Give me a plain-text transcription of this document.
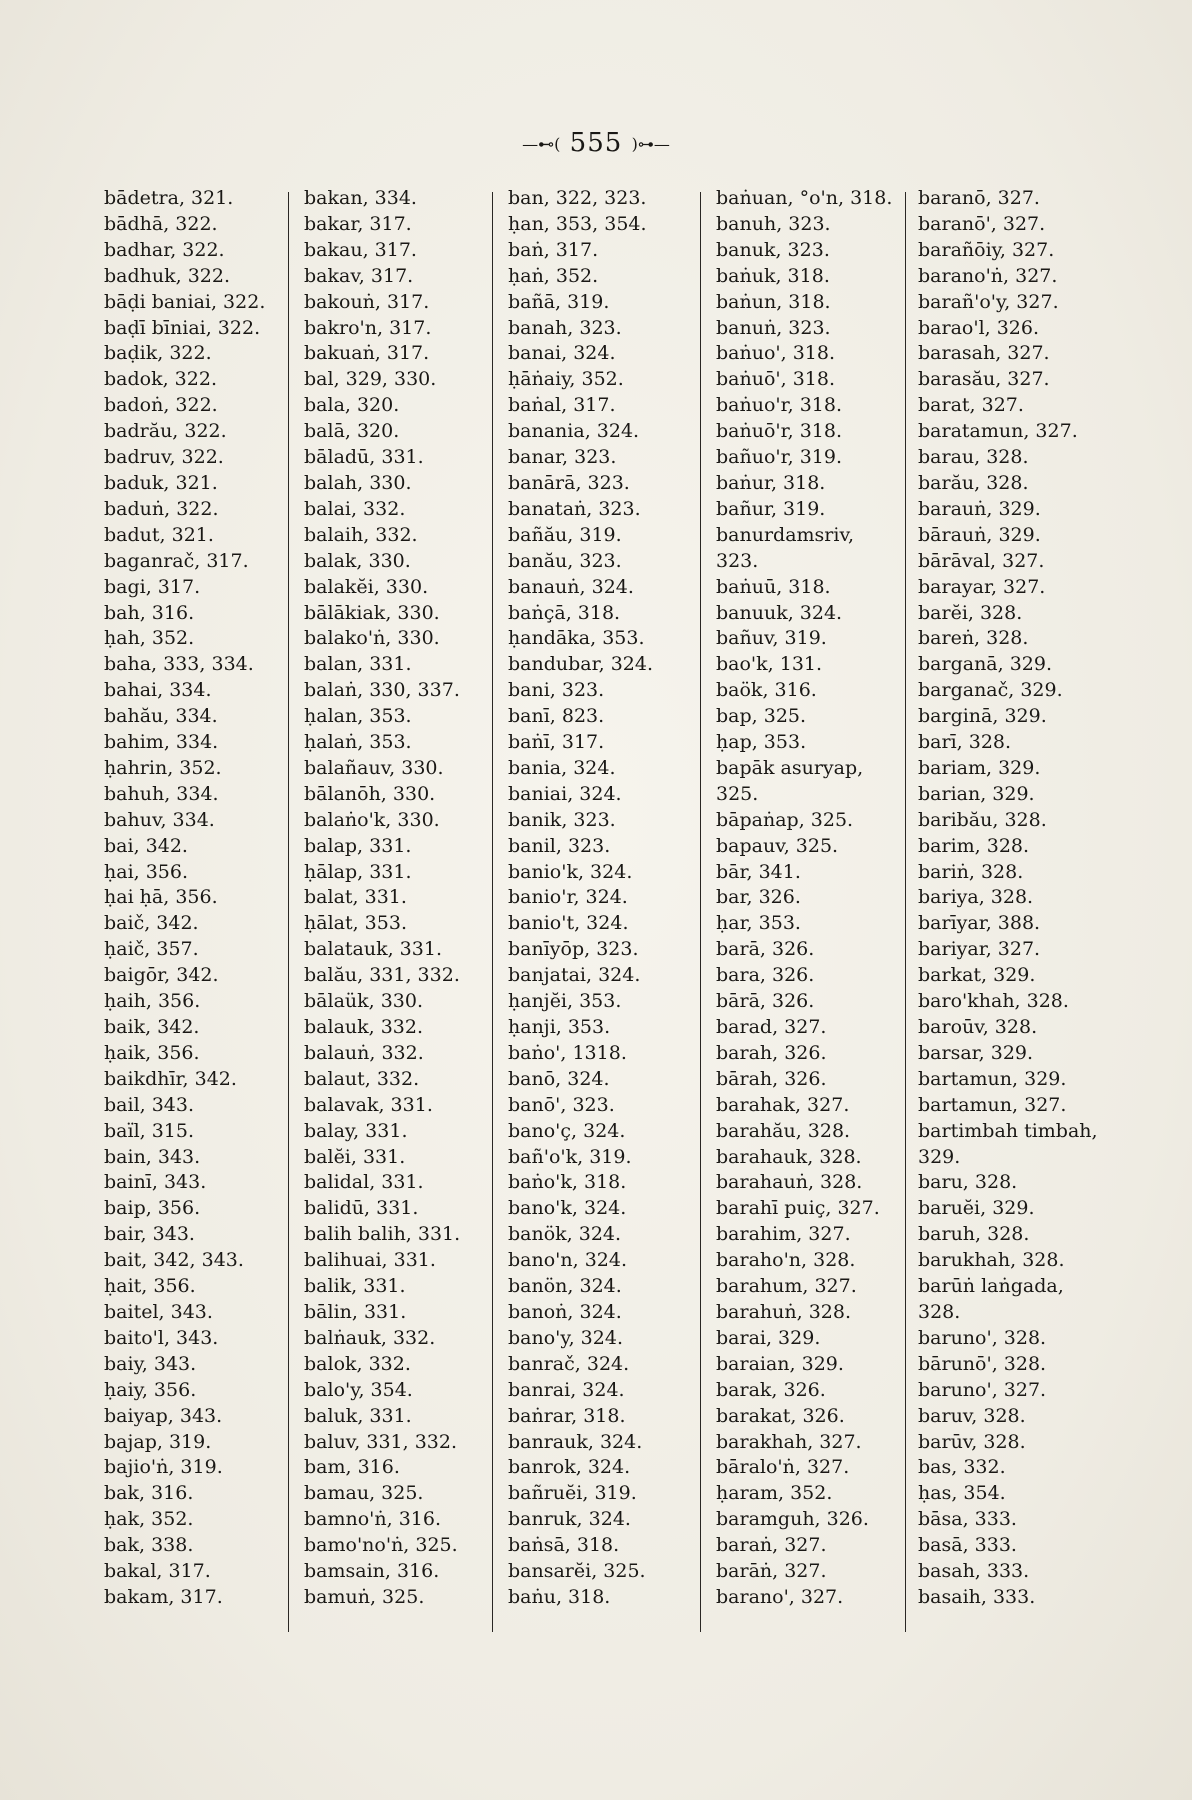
—⊷( 555 )⊶—
bādetra, 321.
bādhā, 322.
badhar, 322.
badhuk, 322.
bāḍi baniai, 322.
baḍī bīniai, 322.
baḍik, 322.
badok, 322.
badoṅ, 322.
badrău, 322.
badruv, 322.
baduk, 321.
baduṅ, 322.
badut, 321.
baganrač, 317.
bagi, 317.
bah, 316.
ḥah, 352.
baha, 333, 334.
bahai, 334.
bahău, 334.
bahim, 334.
ḥahrin, 352.
bahuh, 334.
bahuv, 334.
bai, 342.
ḥai, 356.
ḥai ḥā, 356.
baič, 342.
ḥaič, 357.
baigōr, 342.
ḥaih, 356.
baik, 342.
ḥaik, 356.
baikdhīr, 342.
bail, 343.
baïl, 315.
bain, 343.
bainī, 343.
baip, 356.
bair, 343.
bait, 342, 343.
ḥait, 356.
baitel, 343.
baito'l, 343.
baiy, 343.
ḥaiy, 356.
baiyap, 343.
bajap, 319.
bajio'ṅ, 319.
bak, 316.
ḥak, 352.
bak, 338.
bakal, 317.
bakam, 317.
bakan, 334.
bakar, 317.
bakau, 317.
bakav, 317.
bakouṅ, 317.
bakro'n, 317.
bakuaṅ, 317.
bal, 329, 330.
bala, 320.
balā, 320.
bāladū, 331.
balah, 330.
balai, 332.
balaih, 332.
balak, 330.
balakĕi, 330.
bālākiak, 330.
balako'ṅ, 330.
balan, 331.
balaṅ, 330, 337.
ḥalan, 353.
ḥalaṅ, 353.
balañauv, 330.
bālanōh, 330.
balaṅo'k, 330.
balap, 331.
ḥālap, 331.
balat, 331.
ḥālat, 353.
balatauk, 331.
balău, 331, 332.
bālaük, 330.
balauk, 332.
balauṅ, 332.
balaut, 332.
balavak, 331.
balay, 331.
balĕi, 331.
balidal, 331.
balidū, 331.
balih balih, 331.
balihuai, 331.
balik, 331.
bālin, 331.
balṅauk, 332.
balok, 332.
balo'y, 354.
baluk, 331.
baluv, 331, 332.
bam, 316.
bamau, 325.
bamno'ṅ, 316.
bamo'no'ṅ, 325.
bamsain, 316.
bamuṅ, 325.
ban, 322, 323.
ḥan, 353, 354.
baṅ, 317.
ḥaṅ, 352.
bañā, 319.
banah, 323.
banai, 324.
ḥāṅaiy, 352.
baṅal, 317.
banania, 324.
banar, 323.
banārā, 323.
banataṅ, 323.
bañău, 319.
banău, 323.
banauṅ, 324.
baṅçā, 318.
ḥandāka, 353.
bandubar, 324.
bani, 323.
banī, 823.
baṅī, 317.
bania, 324.
baniai, 324.
banik, 323.
banil, 323.
banio'k, 324.
banio'r, 324.
banio't, 324.
banīyōp, 323.
banjatai, 324.
ḥanjĕi, 353.
ḥanji, 353.
baṅo', 1318.
banō, 324.
banō', 323.
bano'ç, 324.
bañ'o'k, 319.
baṅo'k, 318.
bano'k, 324.
banök, 324.
bano'n, 324.
banön, 324.
banoṅ, 324.
bano'y, 324.
banrač, 324.
banrai, 324.
baṅrar, 318.
banrauk, 324.
banrok, 324.
bañruĕi, 319.
banruk, 324.
baṅsā, 318.
bansarĕi, 325.
baṅu, 318.
baṅuan, °o'n, 318.
banuh, 323.
banuk, 323.
baṅuk, 318.
baṅun, 318.
banuṅ, 323.
baṅuo', 318.
baṅuō', 318.
baṅuo'r, 318.
baṅuō'r, 318.
bañuo'r, 319.
baṅur, 318.
bañur, 319.
banurdamsriv,
323.
baṅuū, 318.
banuuk, 324.
bañuv, 319.
bao'k, 131.
baök, 316.
bap, 325.
ḥap, 353.
bapāk asuryap,
325.
bāpaṅap, 325.
bapauv, 325.
bār, 341.
bar, 326.
ḥar, 353.
barā, 326.
bara, 326.
bārā, 326.
barad, 327.
barah, 326.
bārah, 326.
barahak, 327.
barahău, 328.
barahauk, 328.
barahauṅ, 328.
barahī puiç, 327.
barahim, 327.
baraho'n, 328.
barahum, 327.
barahuṅ, 328.
barai, 329.
baraian, 329.
barak, 326.
barakat, 326.
barakhah, 327.
bāralo'ṅ, 327.
ḥaram, 352.
baramguh, 326.
baraṅ, 327.
barāṅ, 327.
barano', 327.
baranō, 327.
baranō', 327.
barañōiy, 327.
barano'ṅ, 327.
barañ'o'y, 327.
barao'l, 326.
barasah, 327.
barasău, 327.
barat, 327.
baratamun, 327.
barau, 328.
barău, 328.
barauṅ, 329.
bārauṅ, 329.
bārāval, 327.
barayar, 327.
barĕi, 328.
bareṅ, 328.
barganā, 329.
barganač, 329.
barginā, 329.
barī, 328.
bariam, 329.
barian, 329.
baribău, 328.
barim, 328.
bariṅ, 328.
bariya, 328.
barīyar, 388.
bariyar, 327.
barkat, 329.
baro'khah, 328.
baroūv, 328.
barsar, 329.
bartamun, 329.
bartamun, 327.
bartimbah timbah,
329.
baru, 328.
baruĕi, 329.
baruh, 328.
barukhah, 328.
barūṅ laṅgada,
328.
baruno', 328.
bārunō', 328.
baruno', 327.
baruv, 328.
barūv, 328.
bas, 332.
ḥas, 354.
bāsa, 333.
basā, 333.
basah, 333.
basaih, 333.
